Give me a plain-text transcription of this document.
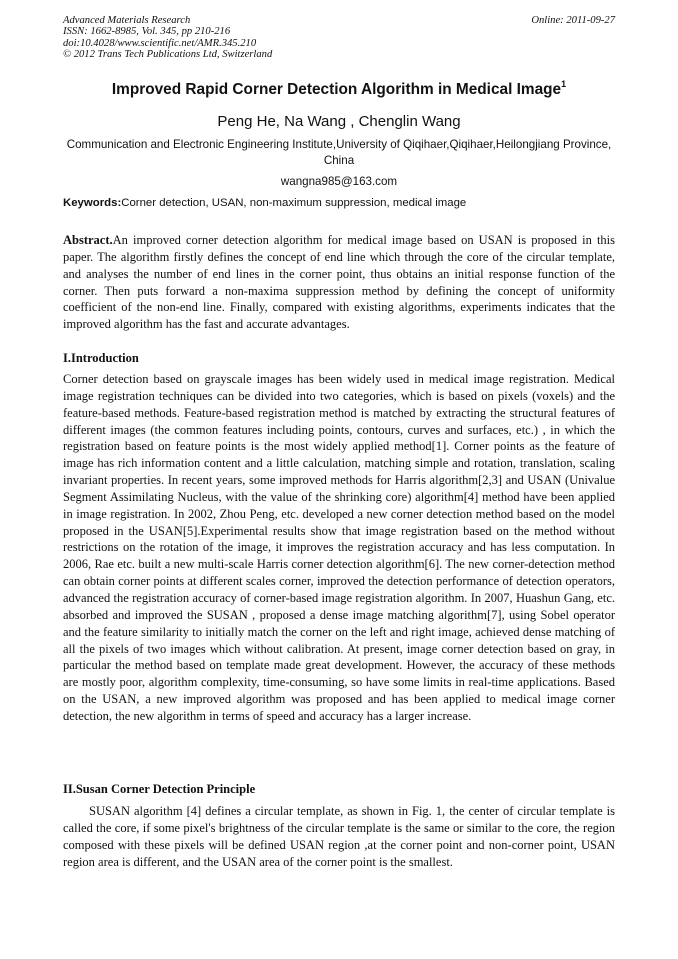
Advanced Materials Research
ISSN: 1662-8985, Vol. 345, pp 210-216
doi:10.4028/www.scientific.net/AMR.345.210
© 2012 Trans Tech Publications Ltd, Switzerland
Online: 2011-09-27
Improved Rapid Corner Detection Algorithm in Medical Image$^1$
Peng He, Na Wang , Chenglin Wang
Communication and Electronic Engineering Institute,University of Qiqihaer,Qiqihaer,Heilongjiang Province, China
wangna985@163.com
Keywords:Corner detection, USAN, non-maximum suppression, medical image
Abstract.An improved corner detection algorithm for medical image based on USAN is proposed in this paper. The algorithm firstly defines the concept of end line which through the core of the circular template, and analyses the number of end lines in the corner point, thus obtains an initial response function of the corner. Then puts forward a non-maxima suppression method by defining the concept of uniformity coefficient of the non-end line. Finally, compared with existing algorithms, experiments indicates that the improved algorithm has the fast and accurate advantages.
I.Introduction
Corner detection based on grayscale images has been widely used in medical image registration. Medical image registration techniques can be divided into two categories, which is based on pixels (voxels) and the feature-based methods. Feature-based registration method is matched by extracting the structural features of different images (the common features including points, contours, curves and surfaces, etc.) , in which the registration based on feature points is the most widely applied method[1]. Corner points as the feature of image has rich information content and a little calculation, matching simple and rotation, translation, scaling invariant properties. In recent years, some improved methods for Harris algorithm[2,3] and USAN (Univalue Segment Assimilating Nucleus, with the value of the shrinking core) algorithm[4] method have been applied in image registration. In 2002, Zhou Peng, etc. developed a new corner detection method based on the model proposed in the USAN[5].Experimental results show that image registration based on the method without restrictions on the rotation of the image, it improves the registration accuracy and has less computation. In 2006, Rae etc. built a new multi-scale Harris corner detection algorithm[6]. The new corner-detection method can obtain corner points at different scales corner, improved the detection performance of detection operators, advanced the registration accuracy of corner-based image registration algorithm. In 2007, Huashun Gang, etc. absorbed and improved the SUSAN , proposed a dense image matching algorithm[7], using Sobel operator and the feature similarity to initially match the corner on the left and right image, achieved dense matching of all the pixels of two images which without calibration. At present, image corner detection based on gray, in particular the method based on template made great development. However, the accuracy of these methods are mostly poor, algorithm complexity, time-consuming, so have some limits in real-time applications. Based on the USAN, a new improved algorithm was proposed and has been applied to medical image corner detection, the new algorithm in terms of speed and accuracy has a larger increase.
II.Susan Corner Detection Principle
SUSAN algorithm [4] defines a circular template, as shown in Fig. 1, the center of circular template is called the core, if some pixel's brightness of the circular template is the same or similar to the core, the region composed with these pixels will be defined USAN region ,at the corner point and non-corner point, USAN region area is different, and the USAN area of the corner point is the smallest.
